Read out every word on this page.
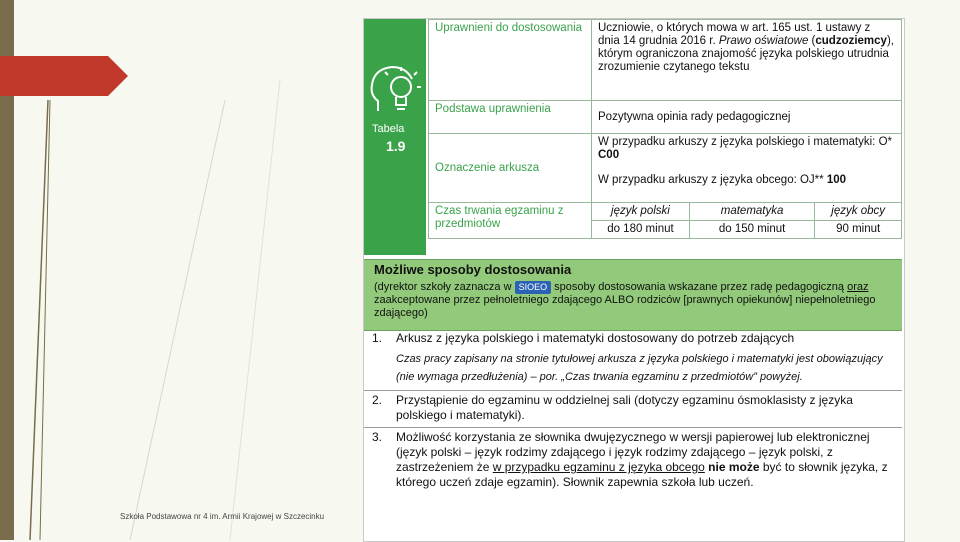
Szkoła Podstawowa nr 4 im. Armii Krajowej w Szczecinku
Tabela
1.9
Uprawnieni do dostosowania	Uczniowie, o których mowa w art. 165 ust. 1 ustawy z dnia 14 grudnia 2016 r. Prawo oświatowe (cudzoziemcy), którym ograniczona znajomość języka polskiego utrudnia zrozumienie czytanego tekstu		
Podstawa uprawnienia	Pozytywna opinia rady pedagogicznej		
Oznaczenie arkusza	W przypadku arkuszy z języka polskiego i matematyki: O* C00
W przypadku arkuszy z języka obcego: OJ** 100		

Czas trwania egzaminu z przedmiotów	język polski	matematyka	język obcy
	do 180 minut	do 150 minut	90 minut
Możliwe sposoby dostosowania
(dyrektor szkoły zaznacza w SIOEO sposoby dostosowania wskazane przez radę pedagogiczną oraz zaakceptowane przez pełnoletniego zdającego ALBO rodziców [prawnych opiekunów] niepełnoletniego zdającego)
1. Arkusz z języka polskiego i matematyki dostosowany do potrzeb zdających
Czas pracy zapisany na stronie tytułowej arkusza z języka polskiego i matematyki jest obowiązujący (nie wymaga przedłużenia) – por. „Czas trwania egzaminu z przedmiotów” powyżej.
2. Przystąpienie do egzaminu w oddzielnej sali (dotyczy egzaminu ósmoklasisty z języka polskiego i matematyki).
3. Możliwość korzystania ze słownika dwujęzycznego w wersji papierowej lub elektronicznej (język polski – język rodzimy zdającego i język rodzimy zdającego – język polski, z zastrzeżeniem że w przypadku egzaminu z języka obcego nie może być to słownik języka, z którego uczeń zdaje egzamin). Słownik zapewnia szkoła lub uczeń.
